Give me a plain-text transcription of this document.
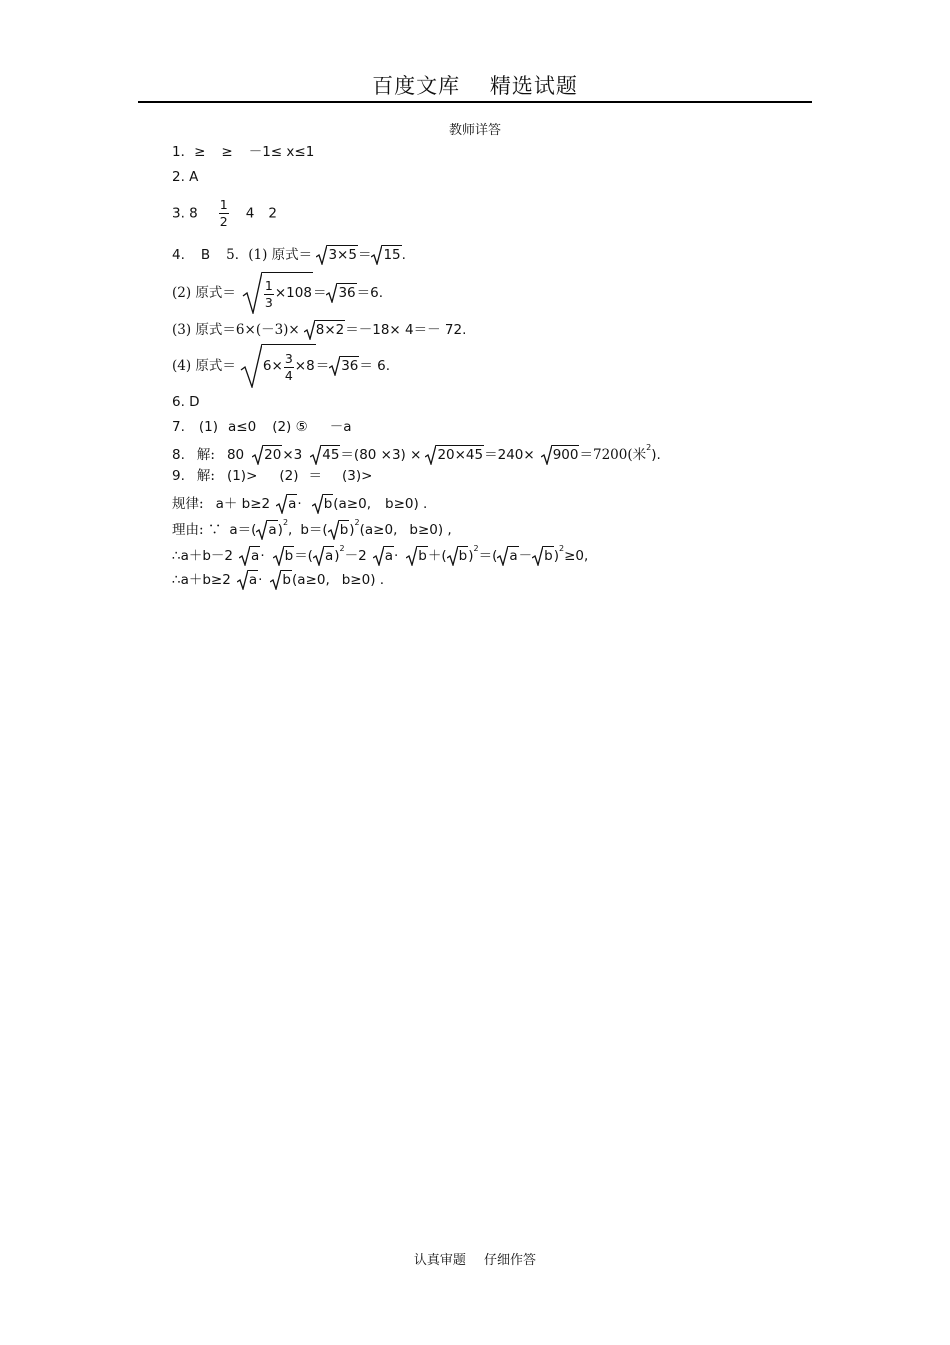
百度文库 精选试题
教师详答
1．≥ ≥ －1≤ x≤1
2. A
3. $8 \frac{1}{2} 4$ 2
4. B 5．(1) 原式＝ 3×5 ＝ 15 .
(2) 原式＝ $\frac{1}{3} \times 108 = 36 =6$.
(3) 原式＝6×(－3)× 8×2 ＝－18× 4＝－ 72.
(4) 原式＝ $6\times \frac{3}{4} \times 8 = 36 = 6$.
6. D
7. (1) a≤0 (2) ⑤ －a
8. 解: 80 20 ×3 45 ＝(80 ×3) × 20×45 ＝240× 900 ＝7200(米$^2$).
9. 解: (1)> (2) ＝ (3)>
规律: a＋ b≥2 a · b (a≥0, b≥0) .
理由: ∵ a＝( a )$^2$, b＝( b )$^2$(a≥0, b≥0) ,
∴a＋b－2 a · b ＝( a )$^2$－2 a · b ＋( b )$^2$＝( a － b )$^2$≥0,
∴a＋b≥2 a · b (a≥0, b≥0) .
认真审题 仔细作答
